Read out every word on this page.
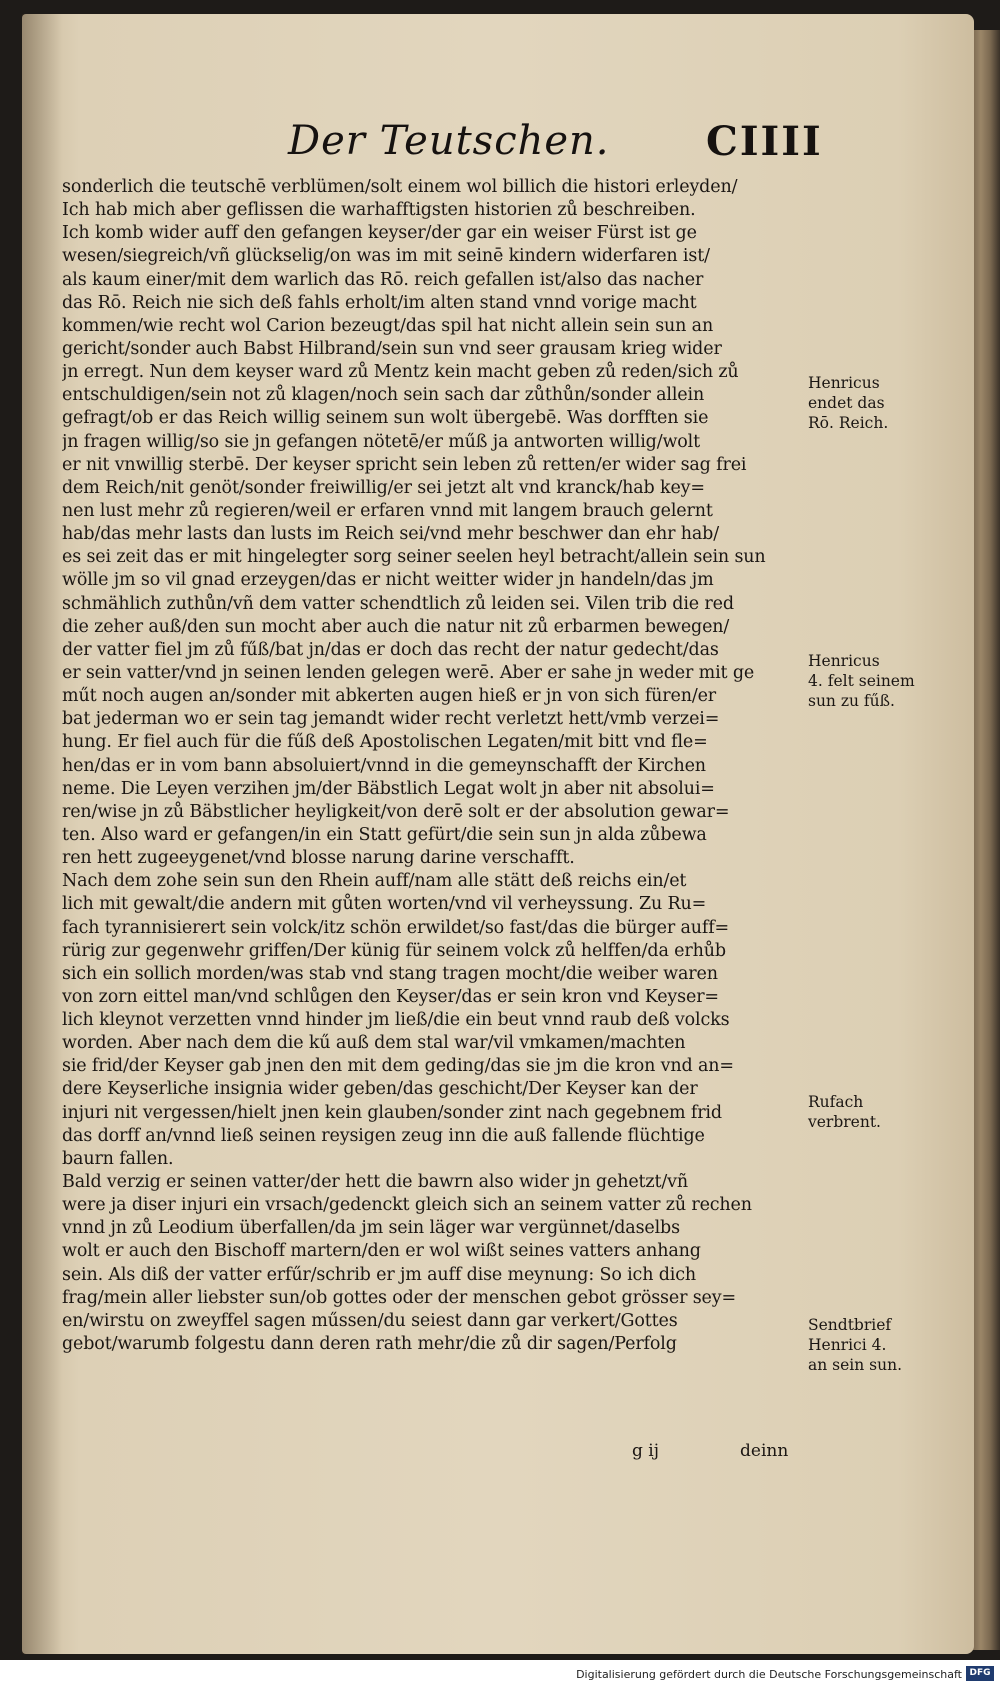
Der Teutschen. CIIII
sonderlich die teutschē verblümen/solt einem wol billich die histori erleyden/
Ich hab mich aber geflissen die warhafftigsten historien zů beschreiben.
Ich komb wider auff den gefangen keyser/der gar ein weiser Fürst ist ge
wesen/siegreich/vñ glückselig/on was im mit seinē kindern widerfaren ist/
als kaum einer/mit dem warlich das Rō. reich gefallen ist/also das nacher
das Rō. Reich nie sich deß fahls erholt/im alten stand vnnd vorige macht
kommen/wie recht wol Carion bezeugt/das spil hat nicht allein sein sun an
gericht/sonder auch Babst Hilbrand/sein sun vnd seer grausam krieg wider
jn erregt. Nun dem keyser ward zů Mentz kein macht geben zů reden/sich zů
entschuldigen/sein not zů klagen/noch sein sach dar zůthůn/sonder allein
gefragt/ob er das Reich willig seinem sun wolt übergebē. Was dorfften sie
jn fragen willig/so sie jn gefangen nötetē/er műß ja antworten willig/wolt
er nit vnwillig sterbē. Der keyser spricht sein leben zů retten/er wider sag frei
dem Reich/nit genöt/sonder freiwillig/er sei jetzt alt vnd kranck/hab key=
nen lust mehr zů regieren/weil er erfaren vnnd mit langem brauch gelernt
hab/das mehr lasts dan lusts im Reich sei/vnd mehr beschwer dan ehr hab/
es sei zeit das er mit hingelegter sorg seiner seelen heyl betracht/allein sein sun
wölle jm so vil gnad erzeygen/das er nicht weitter wider jn handeln/das jm
schmählich zuthůn/vñ dem vatter schendtlich zů leiden sei. Vilen trib die red
die zeher auß/den sun mocht aber auch die natur nit zů erbarmen bewegen/
der vatter fiel jm zů fűß/bat jn/das er doch das recht der natur gedecht/das
er sein vatter/vnd jn seinen lenden gelegen werē. Aber er sahe jn weder mit ge
műt noch augen an/sonder mit abkerten augen hieß er jn von sich füren/er
bat jederman wo er sein tag jemandt wider recht verletzt hett/vmb verzei=
hung. Er fiel auch für die fűß deß Apostolischen Legaten/mit bitt vnd fle=
hen/das er in vom bann absoluiert/vnnd in die gemeynschafft der Kirchen
neme. Die Leyen verzihen jm/der Bäbstlich Legat wolt jn aber nit absolui=
ren/wise jn zů Bäbstlicher heyligkeit/von derē solt er der absolution gewar=
ten. Also ward er gefangen/in ein Statt gefürt/die sein sun jn alda zůbewa
ren hett zugeeygenet/vnd blosse narung darine verschafft.
Nach dem zohe sein sun den Rhein auff/nam alle stätt deß reichs ein/et
lich mit gewalt/die andern mit gůten worten/vnd vil verheyssung. Zu Ru=
fach tyrannisierert sein volck/itz schön erwildet/so fast/das die bürger auff=
rürig zur gegenwehr griffen/Der künig für seinem volck zů helffen/da erhůb
sich ein sollich morden/was stab vnd stang tragen mocht/die weiber waren
von zorn eittel man/vnd schlůgen den Keyser/das er sein kron vnd Keyser=
lich kleynot verzetten vnnd hinder jm ließ/die ein beut vnnd raub deß volcks
worden. Aber nach dem die kű auß dem stal war/vil vmkamen/machten
sie frid/der Keyser gab jnen den mit dem geding/das sie jm die kron vnd an=
dere Keyserliche insignia wider geben/das geschicht/Der Keyser kan der
injuri nit vergessen/hielt jnen kein glauben/sonder zint nach gegebnem frid
das dorff an/vnnd ließ seinen reysigen zeug inn die auß fallende flüchtige
baurn fallen.
Bald verzig er seinen vatter/der hett die bawrn also wider jn gehetzt/vñ
were ja diser injuri ein vrsach/gedenckt gleich sich an seinem vatter zů rechen
vnnd jn zů Leodium überfallen/da jm sein läger war vergünnet/daselbs
wolt er auch den Bischoff martern/den er wol wißt seines vatters anhang
sein. Als diß der vatter erfűr/schrib er jm auff dise meynung: So ich dich
frag/mein aller liebster sun/ob gottes oder der menschen gebot grösser sey=
en/wirstu on zweyffel sagen műssen/du seiest dann gar verkert/Gottes
gebot/warumb folgestu dann deren rath mehr/die zů dir sagen/Perfolg
Henricus
endet das
Rō. Reich.
Henricus
4. felt seinem
sun zu fűß.
Rufach
verbrent.
Sendtbrief
Henrici 4.
an sein sun.
g ij	deinn
Digitalisierung gefördert durch die Deutsche Forschungsgemeinschaft DFG
